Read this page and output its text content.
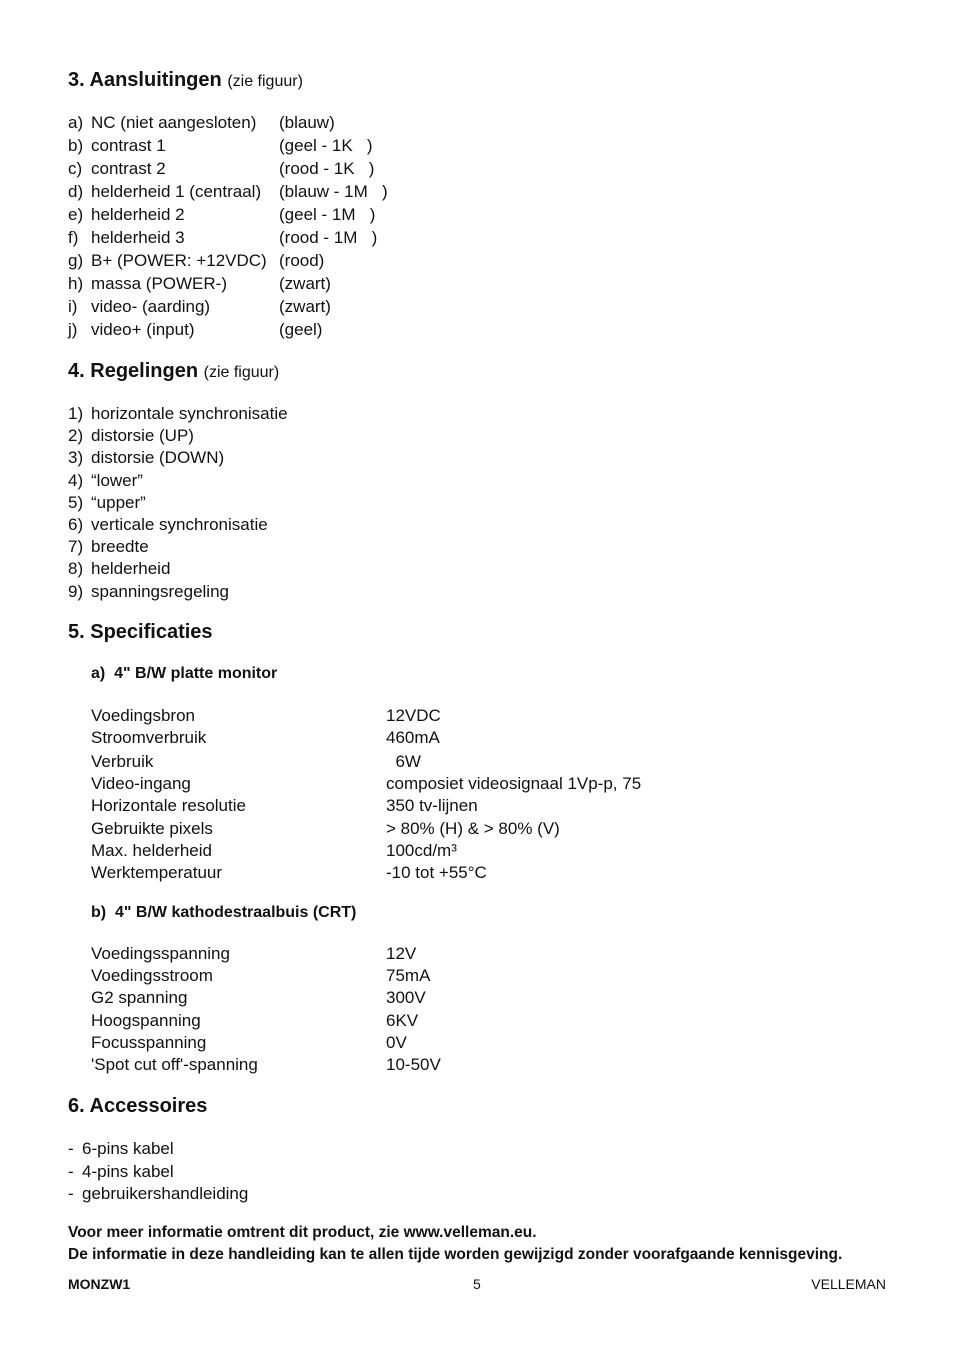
3. Aansluitingen (zie figuur)
a) NC (niet aangesloten) (blauw)
b) contrast 1	(geel - 1K   )
c) contrast 2	(rood - 1K   )
d) helderheid 1 (centraal) (blauw - 1M   )
e) helderheid 2	(geel - 1M   )
f) helderheid 3	(rood - 1M   )
g) B+ (POWER: +12VDC) (rood)
h) massa (POWER-)	(zwart)
i) video- (aarding)	(zwart)
j) video+ (input)	(geel)
4. Regelingen (zie figuur)
1) horizontale synchronisatie
2) distorsie (UP)
3) distorsie (DOWN)
4) “lower”
5) “upper”
6) verticale synchronisatie
7) breedte
8) helderheid
9) spanningsregeling
5. Specificaties
a)  4" B/W platte monitor
Voedingsbron	12VDC
Stroomverbruik	460mA
Verbruik	6W
Video-ingang	composiet videosignaal 1Vp-p, 75
Horizontale resolutie	350 tv-lijnen
Gebruikte pixels	> 80% (H) & > 80% (V)
Max. helderheid	100cd/m³
Werktemperatuur	-10 tot +55°C
b)  4" B/W kathodestraalbuis (CRT)
Voedingsspanning	12V
Voedingsstroom	75mA
G2 spanning	300V
Hoogspanning	6KV
Focusspanning	0V
'Spot cut off'-spanning	10-50V
6. Accessoires
- 6-pins kabel
- 4-pins kabel
- gebruikershandleiding
Voor meer informatie omtrent dit product, zie www.velleman.eu.
De informatie in deze handleiding kan te allen tijde worden gewijzigd zonder voorafgaande kennisgeving.
MONZW1	5	VELLEMAN
